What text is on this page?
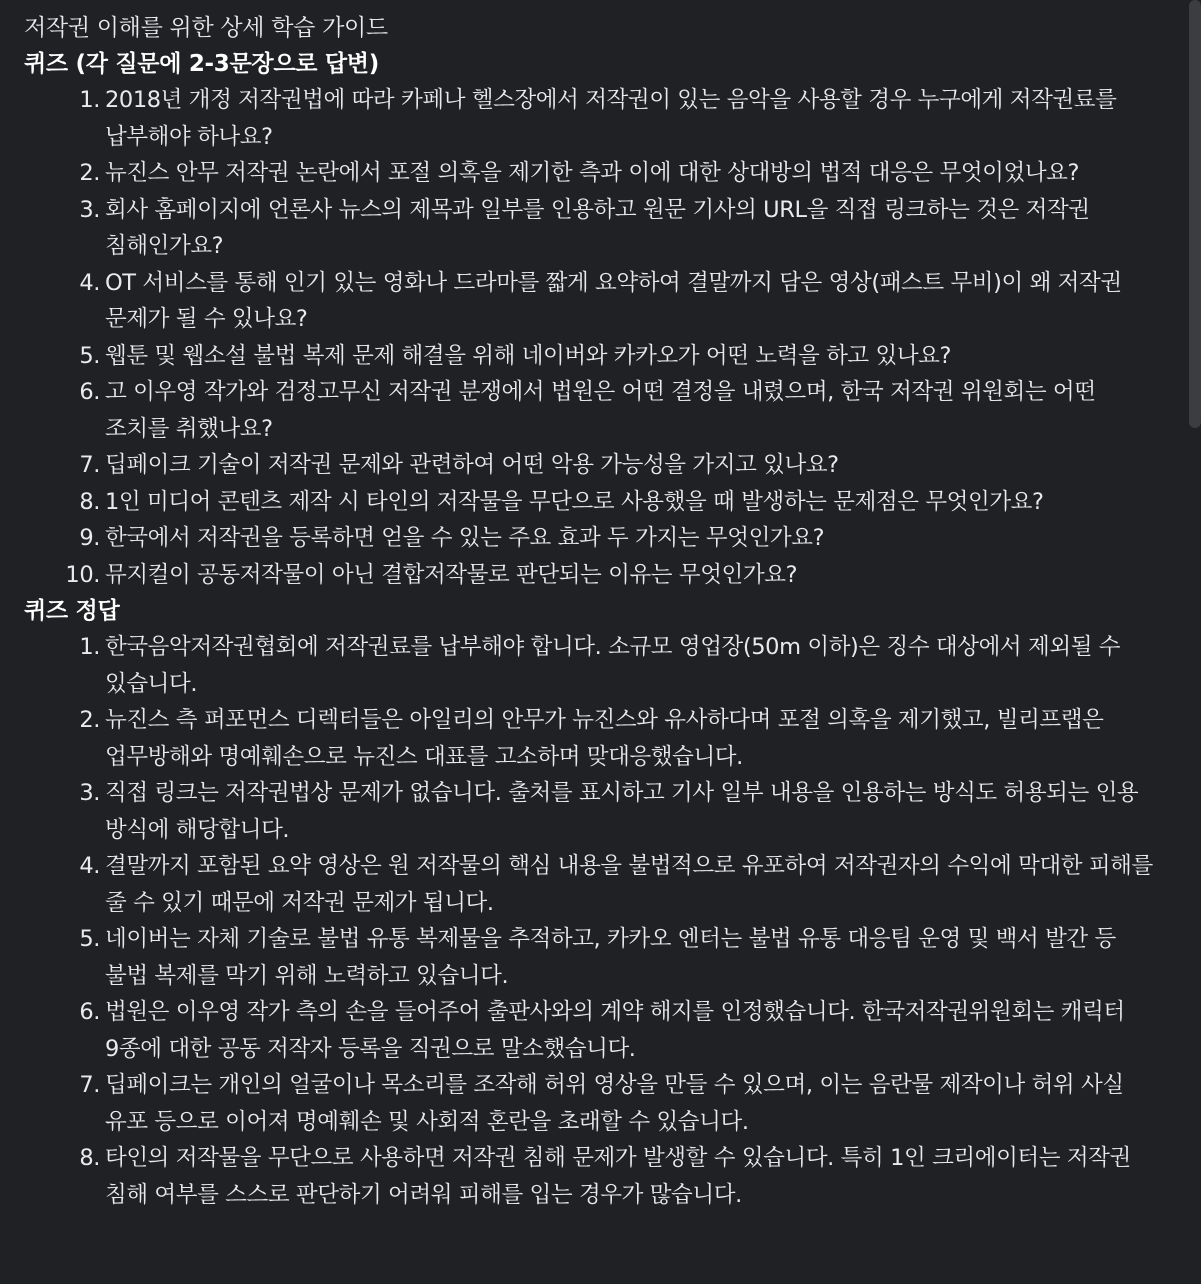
저작권 이해를 위한 상세 학습 가이드
퀴즈 (각 질문에 2-3문장으로 답변)
1. 2018년 개정 저작권법에 따라 카페나 헬스장에서 저작권이 있는 음악을 사용할 경우 누구에게 저작권료를 납부해야 하나요?
2. 뉴진스 안무 저작권 논란에서 포절 의혹을 제기한 측과 이에 대한 상대방의 법적 대응은 무엇이었나요?
3. 회사 홈페이지에 언론사 뉴스의 제목과 일부를 인용하고 원문 기사의 URL을 직접 링크하는 것은 저작권 침해인가요?
4. OT 서비스를 통해 인기 있는 영화나 드라마를 짧게 요약하여 결말까지 담은 영상(패스트 무비)이 왜 저작권 문제가 될 수 있나요?
5. 웹툰 및 웹소설 불법 복제 문제 해결을 위해 네이버와 카카오가 어떤 노력을 하고 있나요?
6. 고 이우영 작가와 검정고무신 저작권 분쟁에서 법원은 어떤 결정을 내렸으며, 한국 저작권 위원회는 어떤 조치를 취했나요?
7. 딥페이크 기술이 저작권 문제와 관련하여 어떤 악용 가능성을 가지고 있나요?
8. 1인 미디어 콘텐츠 제작 시 타인의 저작물을 무단으로 사용했을 때 발생하는 문제점은 무엇인가요?
9. 한국에서 저작권을 등록하면 얻을 수 있는 주요 효과 두 가지는 무엇인가요?
10. 뮤지컬이 공동저작물이 아닌 결합저작물로 판단되는 이유는 무엇인가요?
퀴즈 정답
1. 한국음악저작권협회에 저작권료를 납부해야 합니다. 소규모 영업장(50m 이하)은 징수 대상에서 제외될 수 있습니다.
2. 뉴진스 측 퍼포먼스 디렉터들은 아일리의 안무가 뉴진스와 유사하다며 포절 의혹을 제기했고, 빌리프랩은 업무방해와 명예훼손으로 뉴진스 대표를 고소하며 맞대응했습니다.
3. 직접 링크는 저작권법상 문제가 없습니다. 출처를 표시하고 기사 일부 내용을 인용하는 방식도 허용되는 인용 방식에 해당합니다.
4. 결말까지 포함된 요약 영상은 원 저작물의 핵심 내용을 불법적으로 유포하여 저작권자의 수익에 막대한 피해를 줄 수 있기 때문에 저작권 문제가 됩니다.
5. 네이버는 자체 기술로 불법 유통 복제물을 추적하고, 카카오 엔터는 불법 유통 대응팀 운영 및 백서 발간 등 불법 복제를 막기 위해 노력하고 있습니다.
6. 법원은 이우영 작가 측의 손을 들어주어 출판사와의 계약 해지를 인정했습니다. 한국저작권위원회는 캐릭터 9종에 대한 공동 저작자 등록을 직권으로 말소했습니다.
7. 딥페이크는 개인의 얼굴이나 목소리를 조작해 허위 영상을 만들 수 있으며, 이는 음란물 제작이나 허위 사실 유포 등으로 이어져 명예훼손 및 사회적 혼란을 초래할 수 있습니다.
8. 타인의 저작물을 무단으로 사용하면 저작권 침해 문제가 발생할 수 있습니다. 특히 1인 크리에이터는 저작권 침해 여부를 스스로 판단하기 어려워 피해를 입는 경우가 많습니다.
